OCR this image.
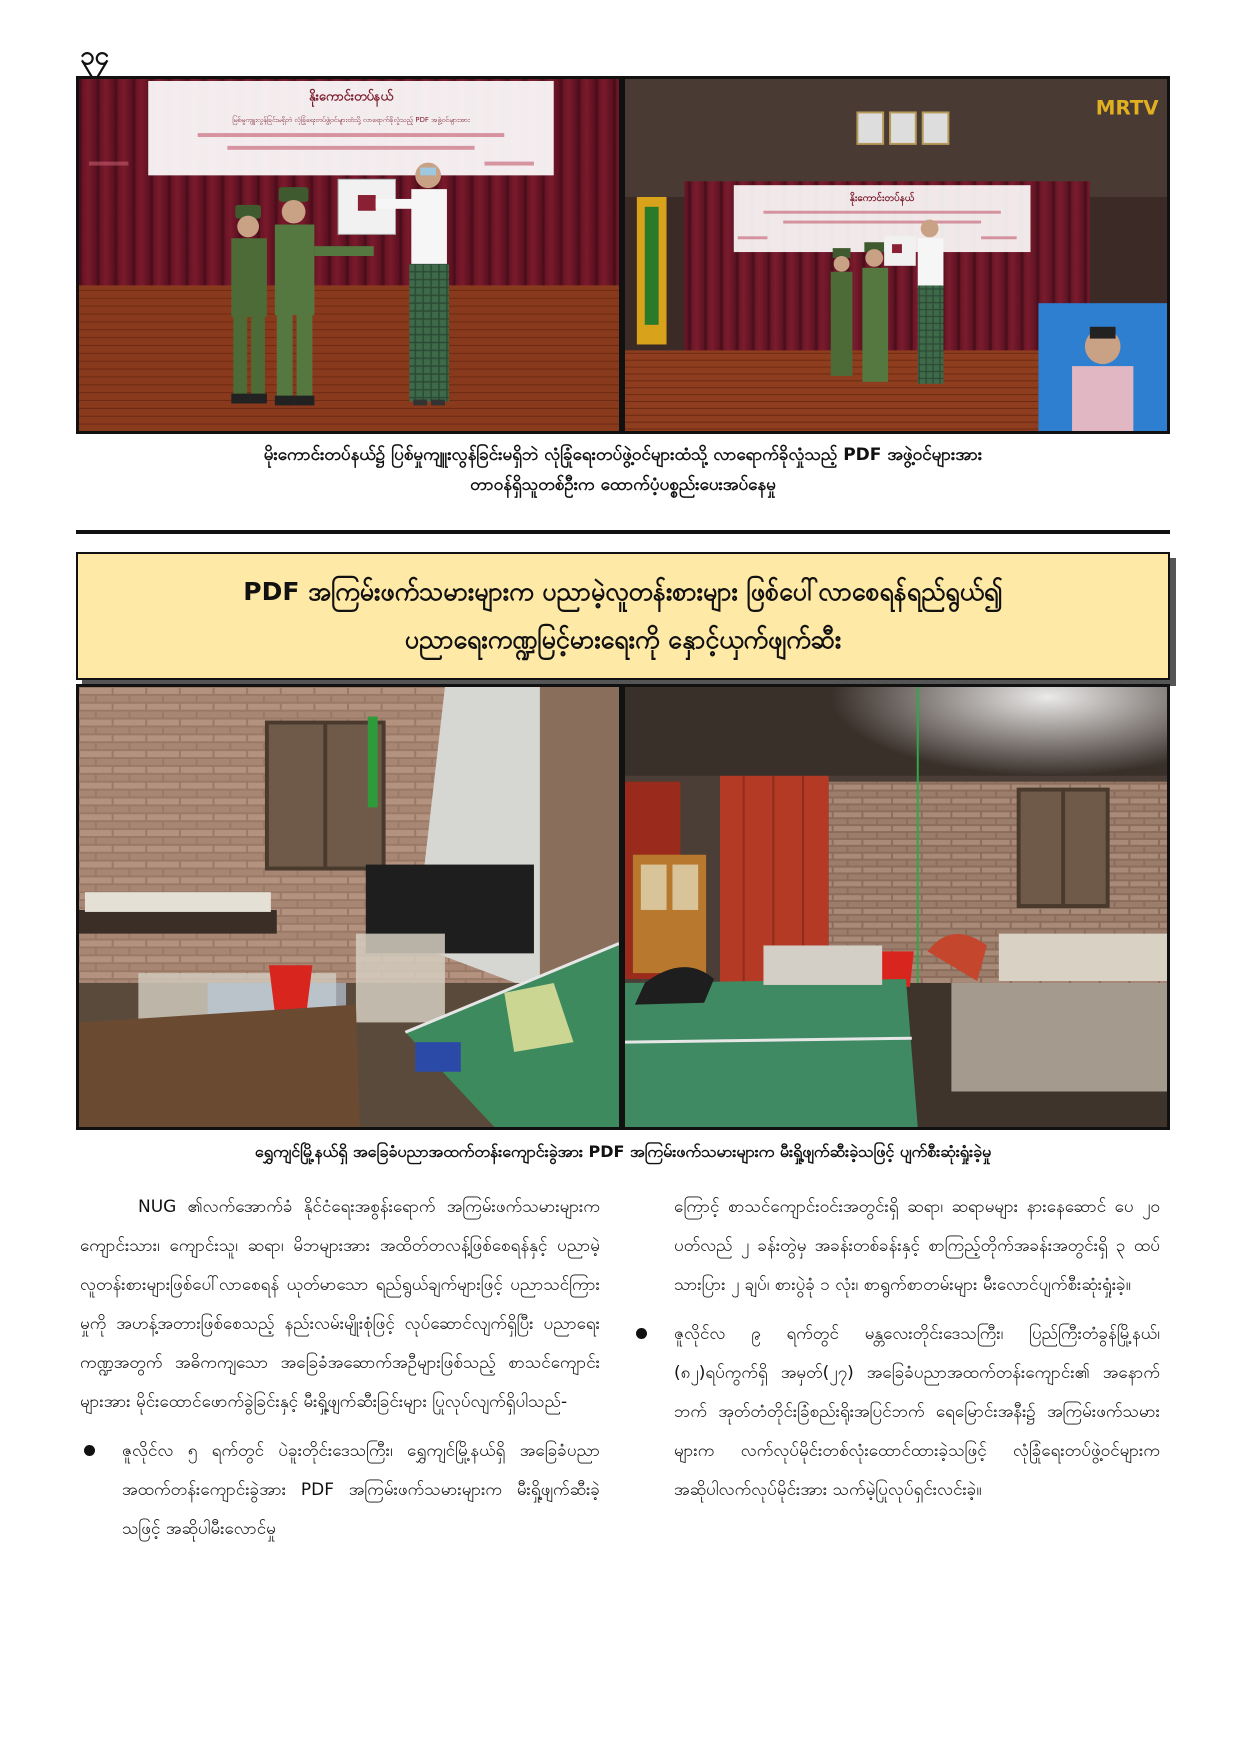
၃၄
နိုးကောင်းတပ်နယ်
မြစ်မူကျူးလွန်ခြင်းမရှိဘဲ လုံခြုံရေးတပ်ဖွဲ့ဝင်များထံသို့ လာရောက်ခိုလှုံသည့် PDF အဖွဲ့ဝင်များအား
MRTV
နိုးကောင်းတပ်နယ်
မိုးကောင်းတပ်နယ်၌ ပြစ်မှုကျူးလွန်ခြင်းမရှိဘဲ လုံခြုံရေးတပ်ဖွဲ့ဝင်များထံသို့ လာရောက်ခိုလှုံသည့် PDF အဖွဲ့ဝင်များအား
တာဝန်ရှိသူတစ်ဦးက ထောက်ပံ့ပစ္စည်းပေးအပ်နေမှု
PDF အကြမ်းဖက်သမားများက ပညာမဲ့လူတန်းစားများ ဖြစ်ပေါ်လာစေရန်ရည်ရွယ်၍
ပညာရေးကဏ္ဍမြင့်မားရေးကို နှောင့်ယှက်ဖျက်ဆီး
ရွှေကျင်မြို့နယ်ရှိ အခြေခံပညာအထက်တန်းကျောင်းခွဲအား PDF အကြမ်းဖက်သမားများက မီးရှို့ဖျက်ဆီးခဲ့သဖြင့် ပျက်စီးဆုံးရှုံးခဲ့မှု

NUG ၏လက်အောက်ခံ နိုင်ငံရေးအစွန်းရောက် အကြမ်းဖက်သမားများက ကျောင်းသား၊ ကျောင်းသူ၊ ဆရာ၊ မိဘများအား အထိတ်တလန့်ဖြစ်စေရန်နှင့် ပညာမဲ့လူတန်းစားများဖြစ်ပေါ်လာစေရန် ယုတ်မာသော ရည်ရွယ်ချက်များဖြင့် ပညာသင်ကြားမှုကို အဟန့်အတားဖြစ်စေသည့် နည်းလမ်းမျိုးစုံဖြင့် လုပ်ဆောင်လျက်ရှိပြီး ပညာရေးကဏ္ဍအတွက် အဓိကကျသော အခြေခံအဆောက်အဦများဖြစ်သည့် စာသင်ကျောင်းများအား မိုင်းထောင်ဖောက်ခွဲခြင်းနှင့် မီးရှို့ဖျက်ဆီးခြင်းများ ပြုလုပ်လျက်ရှိပါသည်-

ဇူလိုင်လ ၅ ရက်တွင် ပဲခူးတိုင်းဒေသကြီး၊ ရွှေကျင်မြို့နယ်ရှိ အခြေခံပညာအထက်တန်းကျောင်းခွဲအား PDF အကြမ်းဖက်သမားများက မီးရှို့ဖျက်ဆီးခဲ့သဖြင့် အဆိုပါမီးလောင်မှု

ကြောင့် စာသင်ကျောင်းဝင်းအတွင်းရှိ ဆရာ၊ ဆရာမများ နားနေဆောင် ပေ ၂၀ ပတ်လည် ၂ ခန်းတွဲမှ အခန်းတစ်ခန်းနှင့် စာကြည့်တိုက်အခန်းအတွင်းရှိ ၃ ထပ်သားပြား ၂ ချပ်၊ စားပွဲခုံ ၁ လုံး၊ စာရွက်စာတမ်းများ မီးလောင်ပျက်စီးဆုံးရှုံးခဲ့။

ဇူလိုင်လ ၉ ရက်တွင် မန္တလေးတိုင်းဒေသကြီး၊ ပြည်ကြီးတံခွန်မြို့နယ်၊ (၈၂)ရပ်ကွက်ရှိ အမှတ်(၂၇) အခြေခံပညာအထက်တန်းကျောင်း၏ အနောက်ဘက် အုတ်တံတိုင်းခြံစည်းရိုးအပြင်ဘက် ရေမြောင်းအနီး၌ အကြမ်းဖက်သမားများက လက်လုပ်မိုင်းတစ်လုံးထောင်ထားခဲ့သဖြင့် လုံခြုံရေးတပ်ဖွဲ့ဝင်များက အဆိုပါလက်လုပ်မိုင်းအား သက်မဲ့ပြုလုပ်ရှင်းလင်းခဲ့။
